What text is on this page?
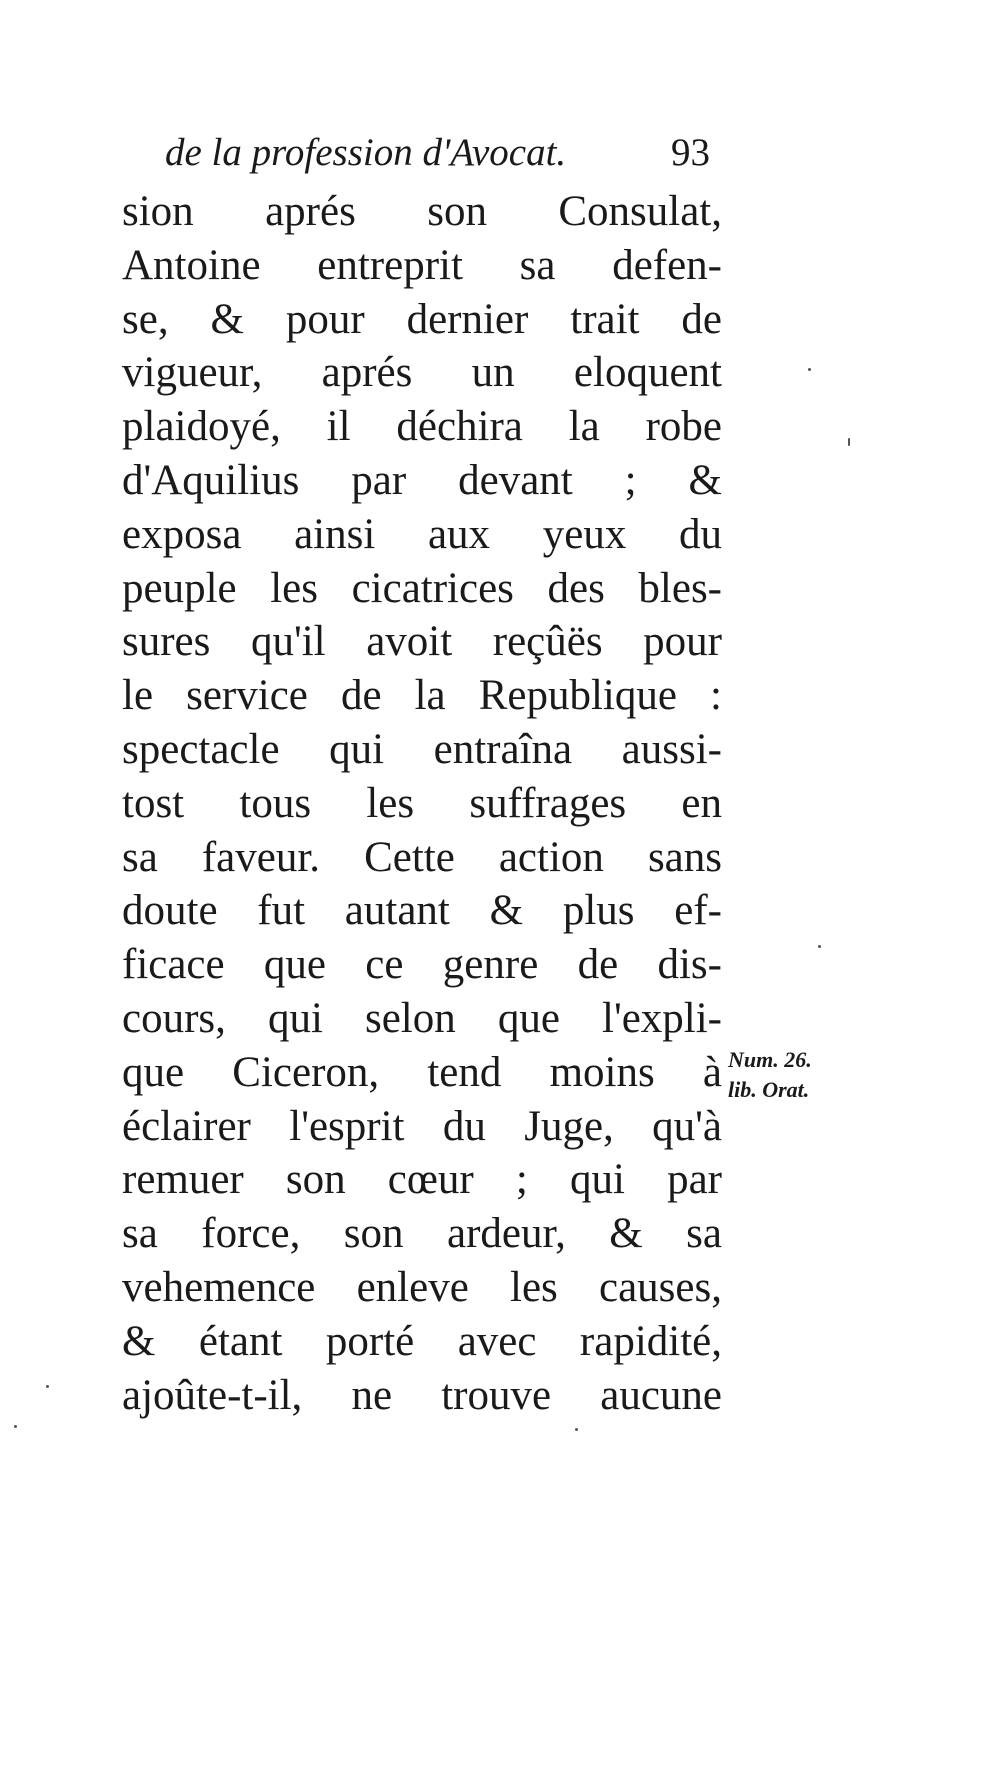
de la profession d'Avocat.	93
sion aprés son Consulat,
Antoine entreprit sa defen-
se, & pour dernier trait de
vigueur, aprés un eloquent
plaidoyé, il déchira la robe
d'Aquilius par devant ; &
exposa ainsi aux yeux du
peuple les cicatrices des bles-
sures qu'il avoit reçûës pour
le service de la Republique :
spectacle qui entraîna aussi-
tost tous les suffrages en
sa faveur. Cette action sans
doute fut autant & plus ef-
ficace que ce genre de dis-
cours, qui selon que l'expli-
que Ciceron, tend moins à
éclairer l'esprit du Juge, qu'à
remuer son cœur ; qui par
sa force, son ardeur, & sa
vehemence enleve les causes,
& étant porté avec rapidité,
ajoûte-t-il, ne trouve aucune
Num. 26.
lib. Orat.
